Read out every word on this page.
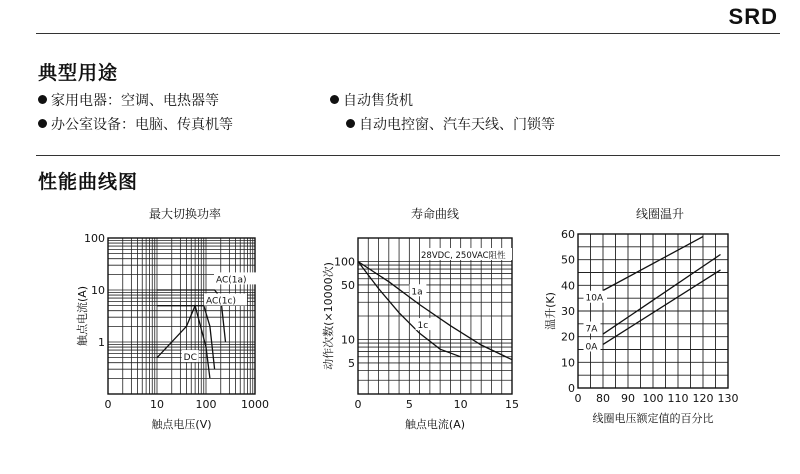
SRD
典型用途
家用电器：空调、电热器等	自动售货机
办公室设备：电脑、传真机等	自动电控窗、汽车天线、门锁等
性能曲线图
最大切换功率
0	10	100 1000
100
10
1
触点电压(V)
触点电流(A)
AC(1a)
AC(1c)
DC
寿命曲线
0	5	10	15
100
50
10
5
触点电流(A)
动作次数(×10000次)	1a
1c
28VDC, 250VAC阻性
线圈温升
0 80 90 100 110 120 130
60
50
40
30
20
10
0
线圈电压额定值的百分比
温升(K)	10A
7A
0A
